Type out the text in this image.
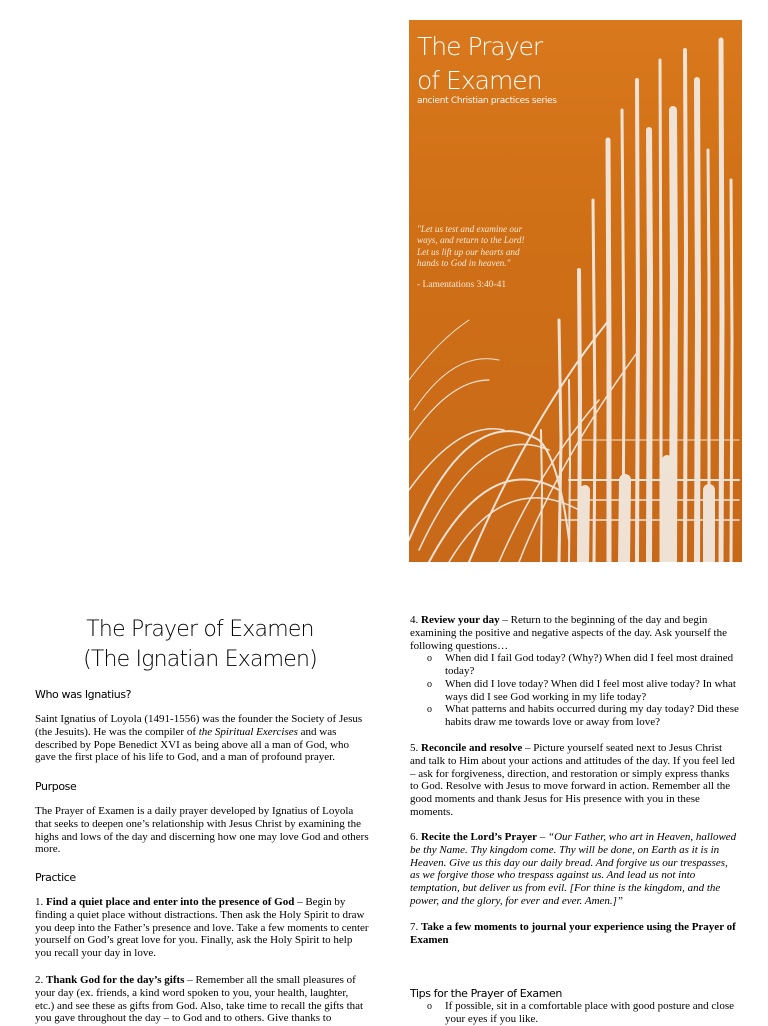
The Prayer
of Examen
ancient Christian practices series
"Let us test and examine our ways, and return to the Lord! Let us lift up our hearts and hands to God in heaven."
- Lamentations 3:40-41
The Prayer of Examen
(The Ignatian Examen)
Who was Ignatius?
Saint Ignatius of Loyola (1491-1556) was the founder the Society of Jesus (the Jesuits). He was the compiler of the Spiritual Exercises and was described by Pope Benedict XVI as being above all a man of God, who gave the first place of his life to God, and a man of profound prayer.
Purpose
The Prayer of Examen is a daily prayer developed by Ignatius of Loyola that seeks to deepen one’s relationship with Jesus Christ by examining the highs and lows of the day and discerning how one may love God and others more.
Practice
1. Find a quiet place and enter into the presence of God – Begin by finding a quiet place without distractions. Then ask the Holy Spirit to draw you deep into the Father’s presence and love. Take a few moments to center yourself on God’s great love for you. Finally, ask the Holy Spirit to help you recall your day in love.
2. Thank God for the day’s gifts – Remember all the small pleasures of your day (ex. friends, a kind word spoken to you, your health, laughter, etc.) and see these as gifts from God. Also, take time to recall the gifts that you gave throughout the day – to God and to others. Give thanks to
4. Review your day – Return to the beginning of the day and begin examining the positive and negative aspects of the day. Ask yourself the following questions…
o When did I fail God today? (Why?) When did I feel most drained today?
o When did I love today? When did I feel most alive today? In what ways did I see God working in my life today?
o What patterns and habits occurred during my day today? Did these habits draw me towards love or away from love?
5. Reconcile and resolve – Picture yourself seated next to Jesus Christ and talk to Him about your actions and attitudes of the day. If you feel led – ask for forgiveness, direction, and restoration or simply express thanks to God. Resolve with Jesus to move forward in action. Remember all the good moments and thank Jesus for His presence with you in these moments.
6. Recite the Lord’s Prayer – “Our Father, who art in Heaven, hallowed be thy Name. Thy kingdom come. Thy will be done, on Earth as it is in Heaven. Give us this day our daily bread. And forgive us our trespasses, as we forgive those who trespass against us. And lead us not into temptation, but deliver us from evil. [For thine is the kingdom, and the power, and the glory, for ever and ever. Amen.]”
7. Take a few moments to journal your experience using the Prayer of Examen
Tips for the Prayer of Examen
o If possible, sit in a comfortable place with good posture and close your eyes if you like.
